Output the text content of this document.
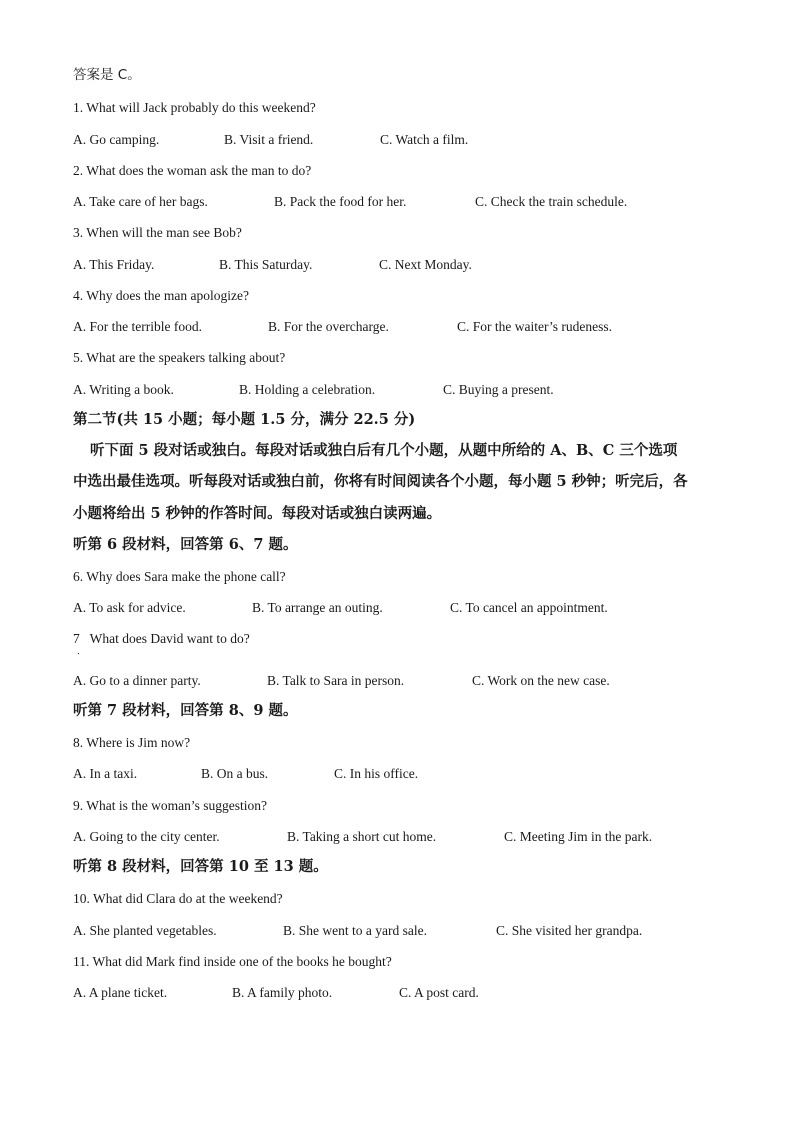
答案是 C。
1. What will Jack probably do this weekend?
A. Go camping.	B. Visit a friend.	C. Watch a film.
2. What does the woman ask the man to do?
A. Take care of her bags.	B. Pack the food for her.	C. Check the train schedule.
3. When will the man see Bob?
A. This Friday.	B. This Saturday.	C. Next Monday.
4. Why does the man apologize?
A. For the terrible food.	B. For the overcharge.	C. For the waiter’s rudeness.
5. What are the speakers talking about?
A. Writing a book.	B. Holding a celebration.	C. Buying a present.
第二节(共 15 小题；每小题 1.5 分，满分 22.5 分)
听下面 5 段对话或独白。每段对话或独白后有几个小题，从题中所给的 A、B、C 三个选项
中选出最佳选项。听每段对话或独白前，你将有时间阅读各个小题，每小题 5 秒钟；听完后，各
小题将给出 5 秒钟的作答时间。每段对话或独白读两遍。
听第 6 段材料，回答第 6、7 题。
6. Why does Sara make the phone call?
A. To ask for advice.	B. To arrange an outing.	C. To cancel an appointment.
7   What does David want to do?
．
A. Go to a dinner party.	B. Talk to Sara in person.	C. Work on the new case.
听第 7 段材料，回答第 8、9 题。
8. Where is Jim now?
A. In a taxi.	B. On a bus.	C. In his office.
9. What is the woman’s suggestion?
A. Going to the city center.	B. Taking a short cut home.	C. Meeting Jim in the park.
听第 8 段材料，回答第 10 至 13 题。
10. What did Clara do at the weekend?
A. She planted vegetables.	B. She went to a yard sale.	C. She visited her grandpa.
11. What did Mark find inside one of the books he bought?
A. A plane ticket.	B. A family photo.	C. A post card.
